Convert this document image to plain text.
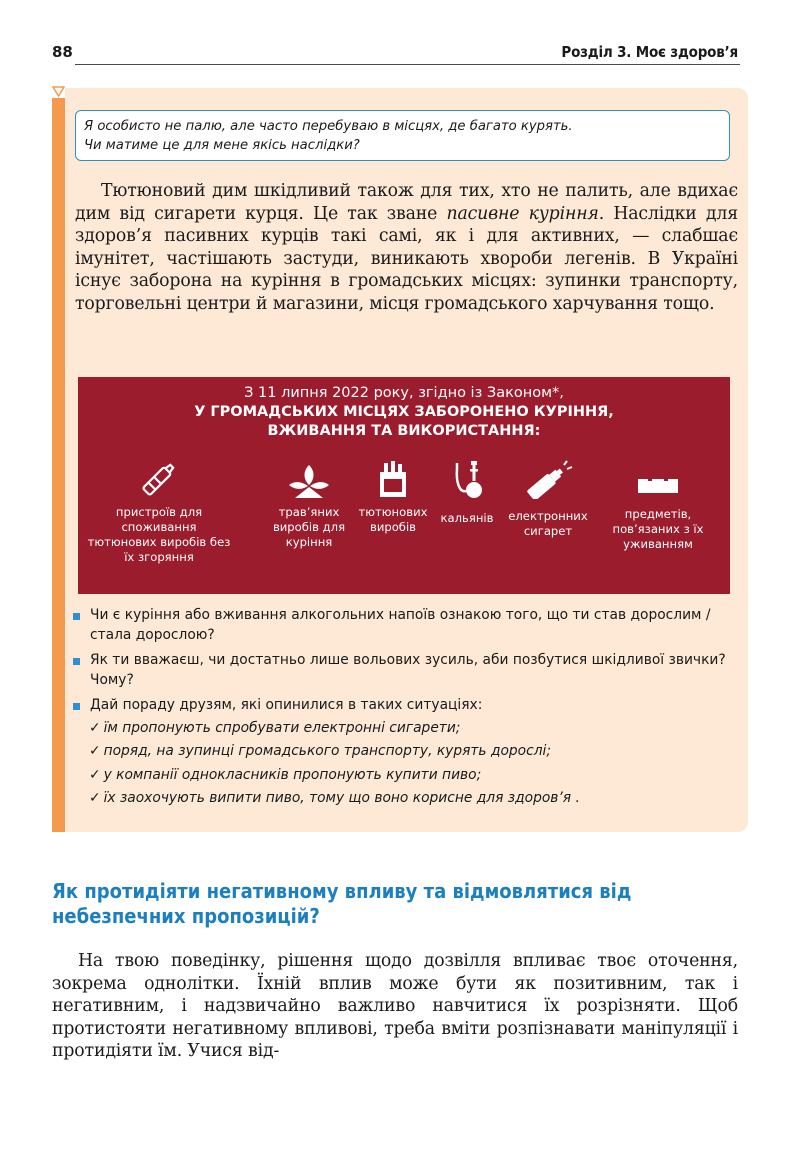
88	Розділ 3. Моє здоров’я
Я особисто не палю, але часто перебуваю в місцях, де багато курять.
Чи матиме це для мене якісь наслідки?
Тютюновий дим шкідливий також для тих, хто не палить, але вдихає дим від сигарети курця. Це так зване пасивне куріння. Наслідки для здоров’я пасивних курців такі самі, як і для активних, — слабшає імунітет, частішають застуди, виникають хвороби легенів. В Україні існує заборона на куріння в громадських місцях: зупинки транспорту, торговельні центри й магазини, місця громадського харчування тощо.
З 11 липня 2022 року, згідно із Законом*,
У ГРОМАДСЬКИХ МІСЦЯХ ЗАБОРОНЕНО КУРІННЯ,
ВЖИВАННЯ ТА ВИКОРИСТАННЯ:
пристроїв для споживання тютюнових виробів без їх згоряння
трав’яних виробів для куріння
тютюнових виробів
кальянів	електронних сигарет
предметів, пов’язаних з їх уживанням
Чи є куріння або вживання алкогольних напоїв ознакою того, що ти став дорослим / стала дорослою?
Як ти вважаєш, чи достатньо лише вольових зусиль, аби позбутися шкідливої звички? Чому?
Дай пораду друзям, які опинилися в таких ситуаціях:
✓ їм пропонують спробувати електронні сигарети;
✓ поряд, на зупинці громадського транспорту, курять дорослі;
✓ у компанії однокласників пропонують купити пиво;
✓ їх заохочують випити пиво, тому що воно корисне для здоров’я .
Як протидіяти негативному впливу та відмовлятися від небезпечних пропозицій?
На твою поведінку, рішення щодо дозвілля впливає твоє оточення, зокрема однолітки. Їхній вплив може бути як позитивним, так і негативним, і надзвичайно важливо навчитися їх розрізняти. Щоб протистояти негативному впливові, треба вміти розпізнавати маніпуляції і протидіяти їм. Учися від-
